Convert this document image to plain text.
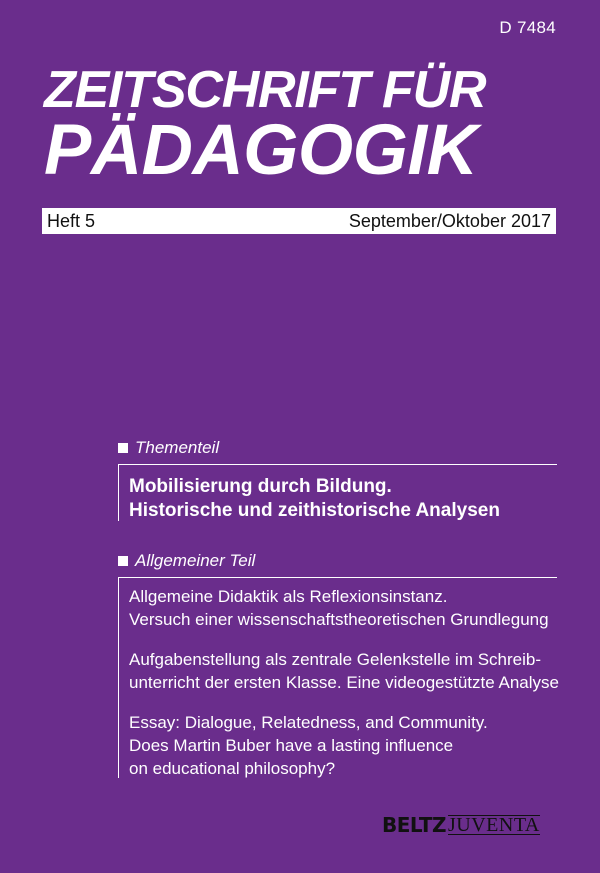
D 7484
ZEITSCHRIFT FÜR
PÄDAGOGIK
Heft 5	September/Oktober 2017
Thementeil
Mobilisierung durch Bildung.
Historische und zeithistorische Analysen
Allgemeiner Teil
Allgemeine Didaktik als Reflexionsinstanz.
Versuch einer wissenschaftstheoretischen Grundlegung
Aufgabenstellung als zentrale Gelenkstelle im Schreib-
unterricht der ersten Klasse. Eine videogestützte Analyse
Essay: Dialogue, Relatedness, and Community.
Does Martin Buber have a lasting influence
on educational philosophy?
BELTZ JUVENTA
